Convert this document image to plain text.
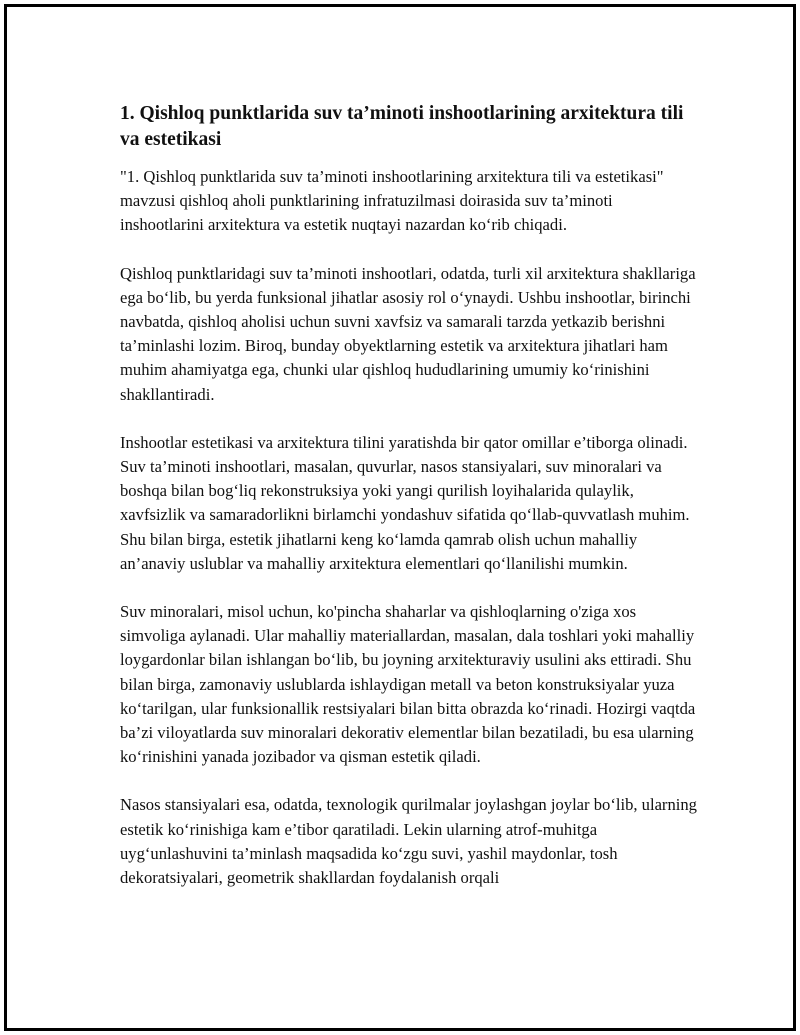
1. Qishloq punktlarida suv ta’minoti inshootlarining arxitektura tili va estetikasi

"1. Qishloq punktlarida suv ta’minoti inshootlarining arxitektura tili va estetikasi" mavzusi qishloq aholi punktlarining infratuzilmasi doirasida suv ta’minoti inshootlarini arxitektura va estetik nuqtayi nazardan ko‘rib chiqadi.

Qishloq punktlaridagi suv ta’minoti inshootlari, odatda, turli xil arxitektura shakllariga ega bo‘lib, bu yerda funksional jihatlar asosiy rol o‘ynaydi. Ushbu inshootlar, birinchi navbatda, qishloq aholisi uchun suvni xavfsiz va samarali tarzda yetkazib berishni ta’minlashi lozim. Biroq, bunday obyektlarning estetik va arxitektura jihatlari ham muhim ahamiyatga ega, chunki ular qishloq hududlarining umumiy ko‘rinishini shakllantiradi.

Inshootlar estetikasi va arxitektura tilini yaratishda bir qator omillar e’tiborga olinadi. Suv ta’minoti inshootlari, masalan, quvurlar, nasos stansiyalari, suv minoralari va boshqa bilan bog‘liq rekonstruksiya yoki yangi qurilish loyihalarida qulaylik, xavfsizlik va samaradorlikni birlamchi yondashuv sifatida qo‘llab-quvvatlash muhim. Shu bilan birga, estetik jihatlarni keng ko‘lamda qamrab olish uchun mahalliy an’anaviy uslublar va mahalliy arxitektura elementlari qo‘llanilishi mumkin.

Suv minoralari, misol uchun, ko'pincha shaharlar va qishloqlarning o'ziga xos simvoliga aylanadi. Ular mahalliy materiallardan, masalan, dala toshlari yoki mahalliy loygardonlar bilan ishlangan bo‘lib, bu joyning arxitekturaviy usulini aks ettiradi. Shu bilan birga, zamonaviy uslublarda ishlaydigan metall va beton konstruksiyalar yuza ko‘tarilgan, ular funksionallik restsiyalari bilan bitta obrazda ko‘rinadi. Hozirgi vaqtda ba’zi viloyatlarda suv minoralari dekorativ elementlar bilan bezatiladi, bu esa ularning ko‘rinishini yanada jozibador va qisman estetik qiladi.

Nasos stansiyalari esa, odatda, texnologik qurilmalar joylashgan joylar bo‘lib, ularning estetik ko‘rinishiga kam e’tibor qaratiladi. Lekin ularning atrof-muhitga uyg‘unlashuvini ta’minlash maqsadida ko‘zgu suvi, yashil maydonlar, tosh dekoratsiyalari, geometrik shakllardan foydalanish orqali
